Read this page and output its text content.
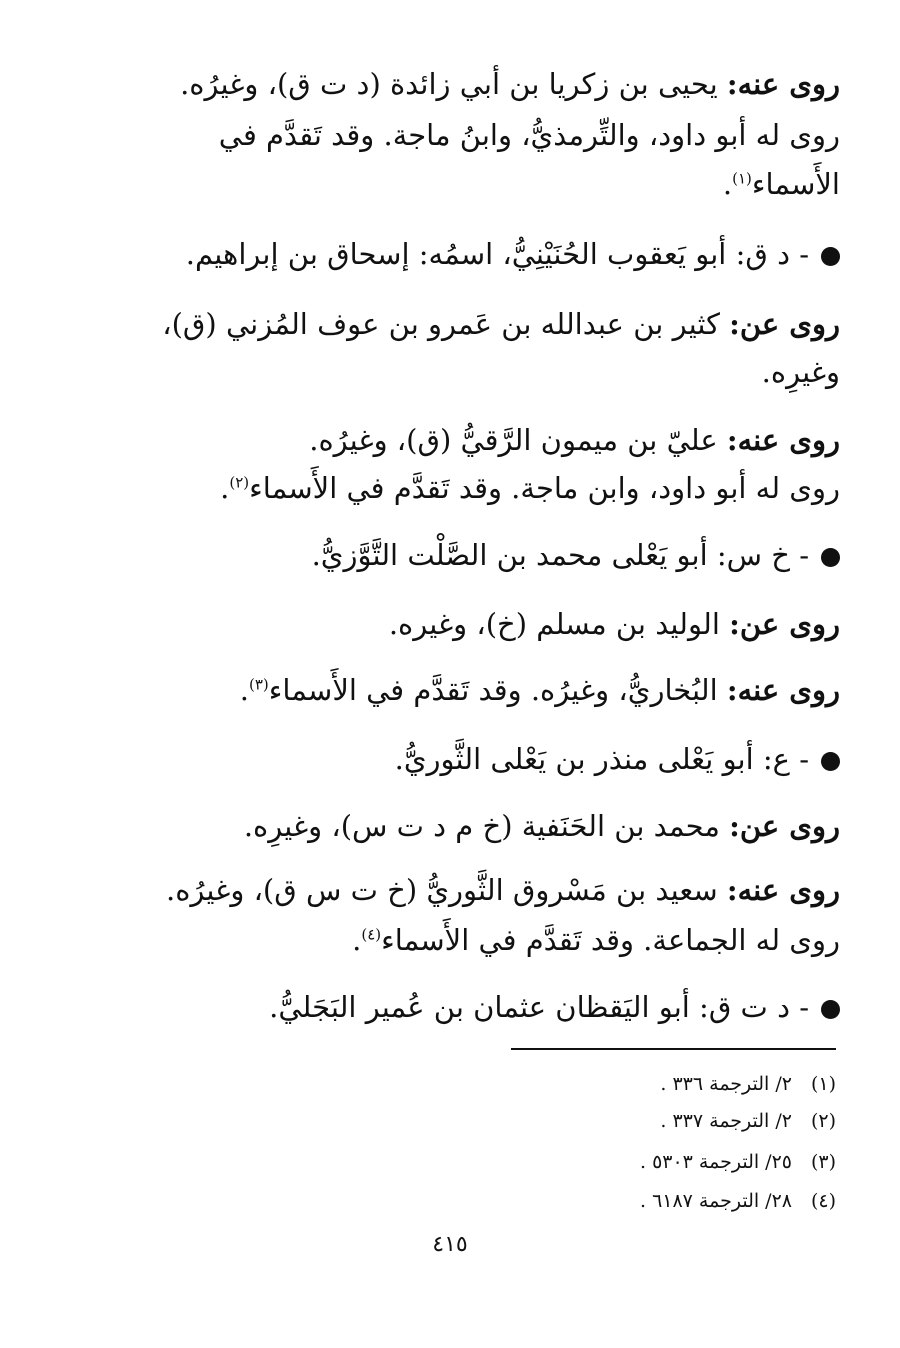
روى عنه: يحيى بن زكريا بن أبي زائدة (د ت ق)، وغيرُه.
روى له أبو داود، والتِّرمذيُّ، وابنُ ماجة. وقد تَقدَّم في
الأَسماء$^{(١)}$.
- د ق: أبو يَعقوب الحُنَيْنِيُّ، اسمُه: إسحاق بن إبراهيم.
روى عن: كثير بن عبدالله بن عَمرو بن عوف المُزني (ق)،
وغيرِه.
روى عنه: عليّ بن ميمون الرَّقيُّ (ق)، وغيرُه.
روى له أبو داود، وابن ماجة. وقد تَقدَّم في الأَسماء$^{(٢)}$.
- خ س: أبو يَعْلى محمد بن الصَّلْت التَّوَّزيُّ.
روى عن: الوليد بن مسلم (خ)، وغيره.
روى عنه: البُخاريُّ، وغيرُه. وقد تَقدَّم في الأَسماء$^{(٣)}$.
- ع: أبو يَعْلى منذر بن يَعْلى الثَّوريُّ.
روى عن: محمد بن الحَنَفية (خ م د ت س)، وغيرِه.
روى عنه: سعيد بن مَسْروق الثَّوريُّ (خ ت س ق)، وغيرُه.
روى له الجماعة. وقد تَقدَّم في الأَسماء$^{(٤)}$.
- د ت ق: أبو اليَقظان عثمان بن عُمير البَجَليُّ.
(١)٢/ الترجمة ٣٣٦ .
(٢)٢/ الترجمة ٣٣٧ .
(٣)٢٥/ الترجمة ٥٣٠٣ .
(٤)٢٨/ الترجمة ٦١٨٧ .
٤١٥
